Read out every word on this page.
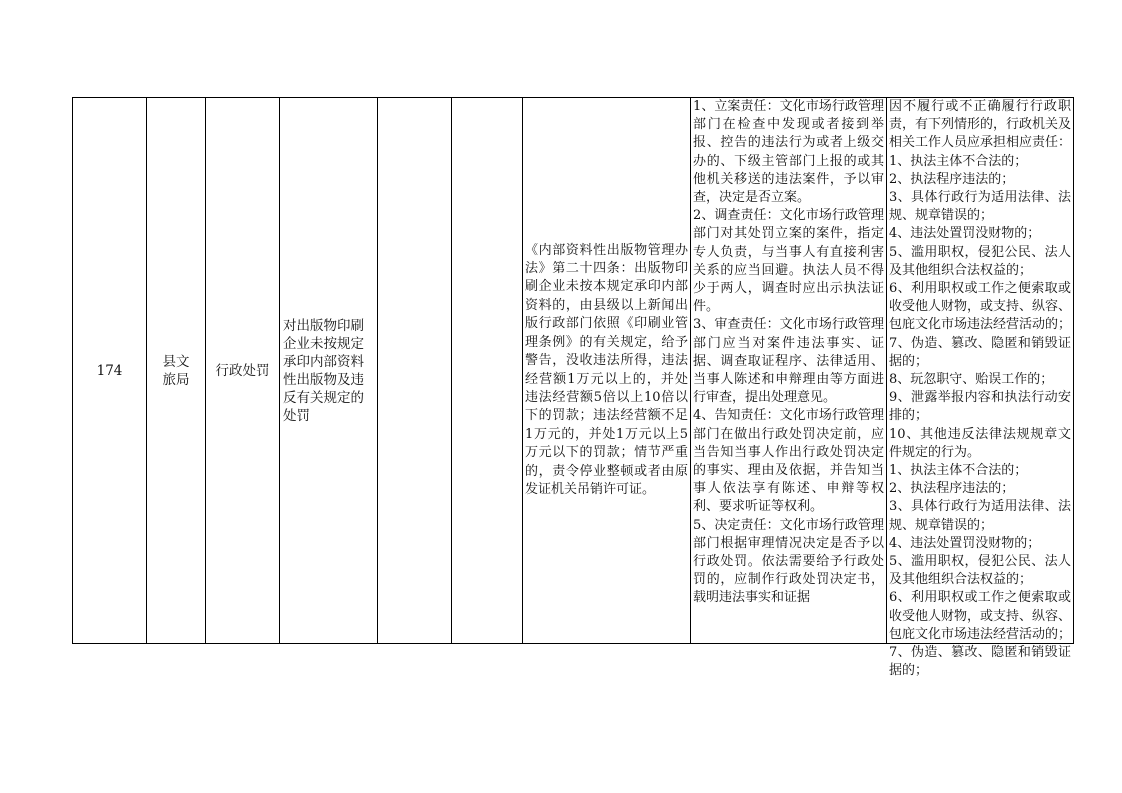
174
县文旅局
行政处罚
对出版物印刷企业未按规定承印内部资料性出版物及违反有关规定的处罚
《内部资料性出版物管理办法》第二十四条：出版物印刷企业未按本规定承印内部资料的，由县级以上新闻出版行政部门依照《印刷业管理条例》的有关规定，给予警告，没收违法所得，违法经营额1万元以上的，并处违法经营额5倍以上10倍以下的罚款；违法经营额不足1万元的，并处1万元以上5万元以下的罚款；情节严重的，责令停业整顿或者由原发证机关吊销许可证。
1、立案责任：文化市场行政管理部门在检查中发现或者接到举报、控告的违法行为或者上级交办的、下级主管部门上报的或其他机关移送的违法案件，予以审查，决定是否立案。
2、调查责任：文化市场行政管理部门对其处罚立案的案件，指定专人负责，与当事人有直接利害关系的应当回避。执法人员不得少于两人，调查时应出示执法证件。
3、审查责任：文化市场行政管理部门应当对案件违法事实、证据、调查取证程序、法律适用、当事人陈述和申辩理由等方面进行审查，提出处理意见。
4、告知责任：文化市场行政管理部门在做出行政处罚决定前，应当告知当事人作出行政处罚决定的事实、理由及依据，并告知当事人依法享有陈述、申辩等权利、要求听证等权利。
5、决定责任：文化市场行政管理部门根据审理情况决定是否予以行政处罚。依法需要给予行政处罚的，应制作行政处罚决定书，载明违法事实和证据
因不履行或不正确履行行政职责，有下列情形的，行政机关及相关工作人员应承担相应责任：
1、执法主体不合法的；
2、执法程序违法的；
3、具体行政行为适用法律、法规、规章错误的；
4、违法处置罚没财物的；
5、滥用职权，侵犯公民、法人及其他组织合法权益的；
6、利用职权或工作之便索取或收受他人财物，或支持、纵容、包庇文化市场违法经营活动的；
7、伪造、篡改、隐匿和销毁证据的；
8、玩忽职守、贻误工作的；
9、泄露举报内容和执法行动安排的；
10、其他违反法律法规规章文件规定的行为。
1、执法主体不合法的；
2、执法程序违法的；
3、具体行政行为适用法律、法规、规章错误的；
4、违法处置罚没财物的；
5、滥用职权，侵犯公民、法人及其他组织合法权益的；
6、利用职权或工作之便索取或收受他人财物，或支持、纵容、包庇文化市场违法经营活动的；
7、伪造、篡改、隐匿和销毁证据的；
